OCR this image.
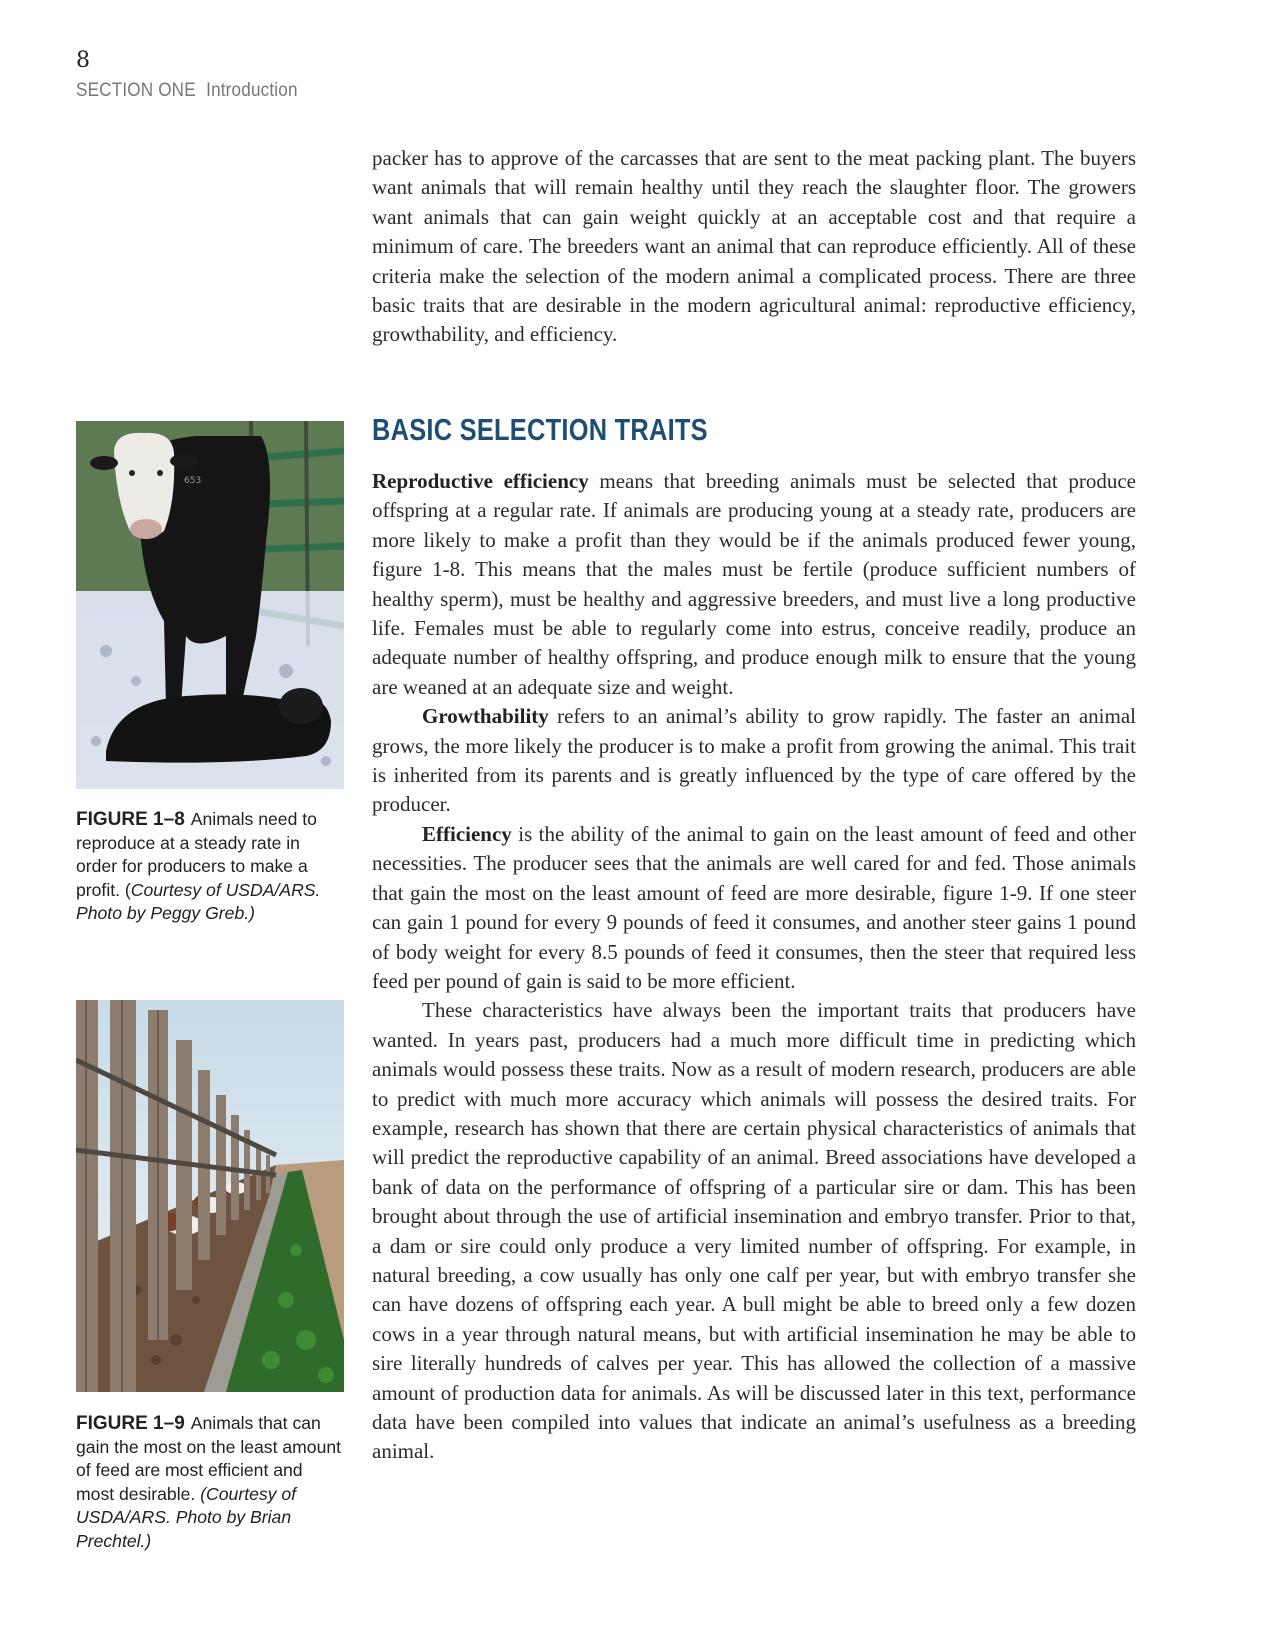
8
SECTION ONE Introduction

packer has to approve of the carcasses that are sent to the meat packing plant. The buyers want animals that will remain healthy until they reach the slaughter floor. The growers want animals that can gain weight quickly at an acceptable cost and that require a minimum of care. The breeders want an animal that can reproduce efficiently. All of these criteria make the selection of the modern animal a complicated process. There are three basic traits that are desirable in the modern agricultural animal: reproductive efficiency, growthability, and efficiency.

BASIC SELECTION TRAITS

Reproductive efficiency means that breeding animals must be selected that produce offspring at a regular rate. If animals are producing young at a steady rate, producers are more likely to make a profit than they would be if the animals produced fewer young, figure 1-8. This means that the males must be fertile (produce sufficient numbers of healthy sperm), must be healthy and aggressive breeders, and must live a long productive life. Females must be able to regularly come into estrus, conceive readily, produce an adequate number of healthy offspring, and produce enough milk to ensure that the young are weaned at an adequate size and weight.

Growthability refers to an animal’s ability to grow rapidly. The faster an animal grows, the more likely the producer is to make a profit from growing the animal. This trait is inherited from its parents and is greatly influenced by the type of care offered by the producer.

Efficiency is the ability of the animal to gain on the least amount of feed and other necessities. The producer sees that the animals are well cared for and fed. Those animals that gain the most on the least amount of feed are more desirable, figure 1-9. If one steer can gain 1 pound for every 9 pounds of feed it consumes, and another steer gains 1 pound of body weight for every 8.5 pounds of feed it consumes, then the steer that required less feed per pound of gain is said to be more efficient.

These characteristics have always been the important traits that producers have wanted. In years past, producers had a much more difficult time in predicting which animals would possess these traits. Now as a result of modern research, producers are able to predict with much more accuracy which animals will possess the desired traits. For example, research has shown that there are certain physical characteristics of animals that will predict the reproductive capability of an animal. Breed associations have developed a bank of data on the performance of offspring of a particular sire or dam. This has been brought about through the use of artificial insemination and embryo transfer. Prior to that, a dam or sire could only produce a very limited number of offspring. For example, in natural breeding, a cow usually has only one calf per year, but with embryo transfer she can have dozens of offspring each year. A bull might be able to breed only a few dozen cows in a year through natural means, but with artificial insemination he may be able to sire literally hundreds of calves per year. This has allowed the collection of a massive amount of production data for animals. As will be discussed later in this text, performance data have been compiled into values that indicate an animal’s usefulness as a breeding animal.

653
FIGURE 1–8 Animals need to reproduce at a steady rate in order for producers to make a profit. (Courtesy of USDA/ARS. Photo by Peggy Greb.)
FIGURE 1–9 Animals that can gain the most on the least amount of feed are most efficient and most desirable. (Courtesy of USDA/ARS. Photo by Brian Prechtel.)
